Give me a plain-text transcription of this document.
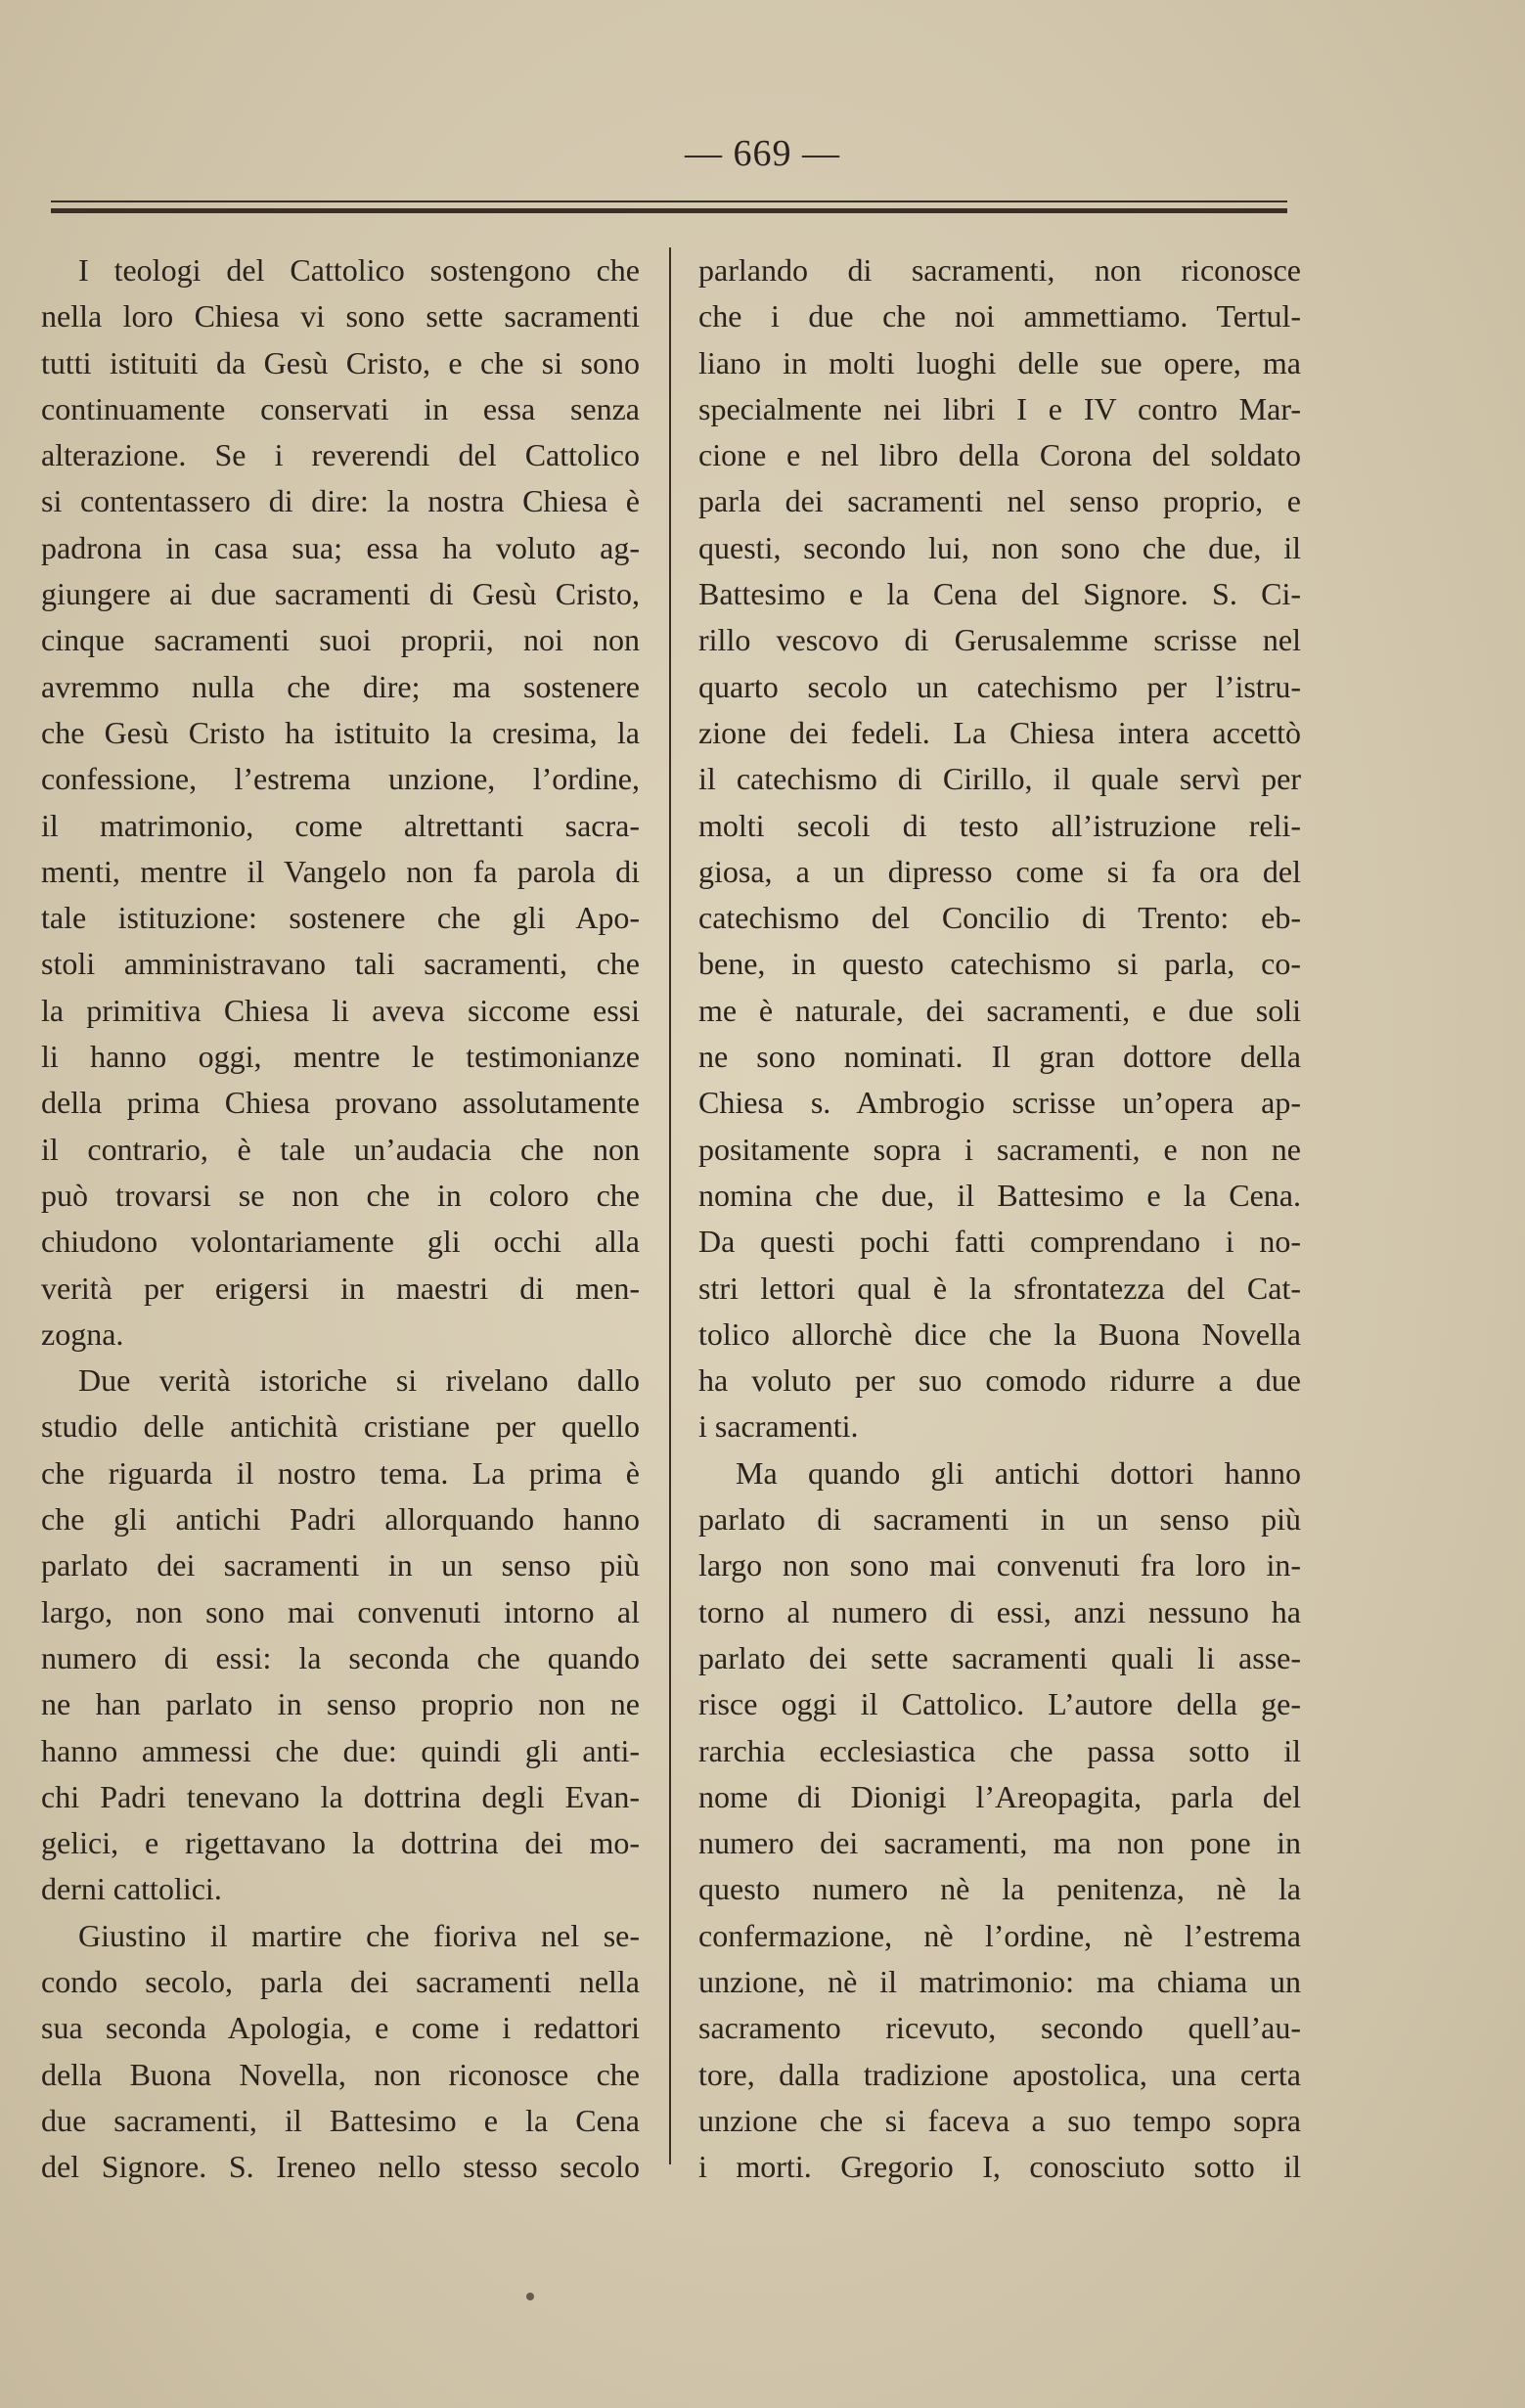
— 669 —
I teologi del Cattolico sostengono che
nella loro Chiesa vi sono sette sacramenti
tutti istituiti da Gesù Cristo, e che si sono
continuamente conservati in essa senza
alterazione. Se i reverendi del Cattolico
si contentassero di dire: la nostra Chiesa è
padrona in casa sua; essa ha voluto ag-
giungere ai due sacramenti di Gesù Cristo,
cinque sacramenti suoi proprii, noi non
avremmo nulla che dire; ma sostenere
che Gesù Cristo ha istituito la cresima, la
confessione, l’estrema unzione, l’ordine,
il matrimonio, come altrettanti sacra-
menti, mentre il Vangelo non fa parola di
tale istituzione: sostenere che gli Apo-
stoli amministravano tali sacramenti, che
la primitiva Chiesa li aveva siccome essi
li hanno oggi, mentre le testimonianze
della prima Chiesa provano assolutamente
il contrario, è tale un’audacia che non
può trovarsi se non che in coloro che
chiudono volontariamente gli occhi alla
verità per erigersi in maestri di men-
zogna.
Due verità istoriche si rivelano dallo
studio delle antichità cristiane per quello
che riguarda il nostro tema. La prima è
che gli antichi Padri allorquando hanno
parlato dei sacramenti in un senso più
largo, non sono mai convenuti intorno al
numero di essi: la seconda che quando
ne han parlato in senso proprio non ne
hanno ammessi che due: quindi gli anti-
chi Padri tenevano la dottrina degli Evan-
gelici, e rigettavano la dottrina dei mo-
derni cattolici.
Giustino il martire che fioriva nel se-
condo secolo, parla dei sacramenti nella
sua seconda Apologia, e come i redattori
della Buona Novella, non riconosce che
due sacramenti, il Battesimo e la Cena
del Signore. S. Ireneo nello stesso secolo
parlando di sacramenti, non riconosce
che i due che noi ammettiamo. Tertul-
liano in molti luoghi delle sue opere, ma
specialmente nei libri I e IV contro Mar-
cione e nel libro della Corona del soldato
parla dei sacramenti nel senso proprio, e
questi, secondo lui, non sono che due, il
Battesimo e la Cena del Signore. S. Ci-
rillo vescovo di Gerusalemme scrisse nel
quarto secolo un catechismo per l’istru-
zione dei fedeli. La Chiesa intera accettò
il catechismo di Cirillo, il quale servì per
molti secoli di testo all’istruzione reli-
giosa, a un dipresso come si fa ora del
catechismo del Concilio di Trento: eb-
bene, in questo catechismo si parla, co-
me è naturale, dei sacramenti, e due soli
ne sono nominati. Il gran dottore della
Chiesa s. Ambrogio scrisse un’opera ap-
positamente sopra i sacramenti, e non ne
nomina che due, il Battesimo e la Cena.
Da questi pochi fatti comprendano i no-
stri lettori qual è la sfrontatezza del Cat-
tolico allorchè dice che la Buona Novella
ha voluto per suo comodo ridurre a due
i sacramenti.
Ma quando gli antichi dottori hanno
parlato di sacramenti in un senso più
largo non sono mai convenuti fra loro in-
torno al numero di essi, anzi nessuno ha
parlato dei sette sacramenti quali li asse-
risce oggi il Cattolico. L’autore della ge-
rarchia ecclesiastica che passa sotto il
nome di Dionigi l’Areopagita, parla del
numero dei sacramenti, ma non pone in
questo numero nè la penitenza, nè la
confermazione, nè l’ordine, nè l’estrema
unzione, nè il matrimonio: ma chiama un
sacramento ricevuto, secondo quell’au-
tore, dalla tradizione apostolica, una certa
unzione che si faceva a suo tempo sopra
i morti. Gregorio I, conosciuto sotto il
